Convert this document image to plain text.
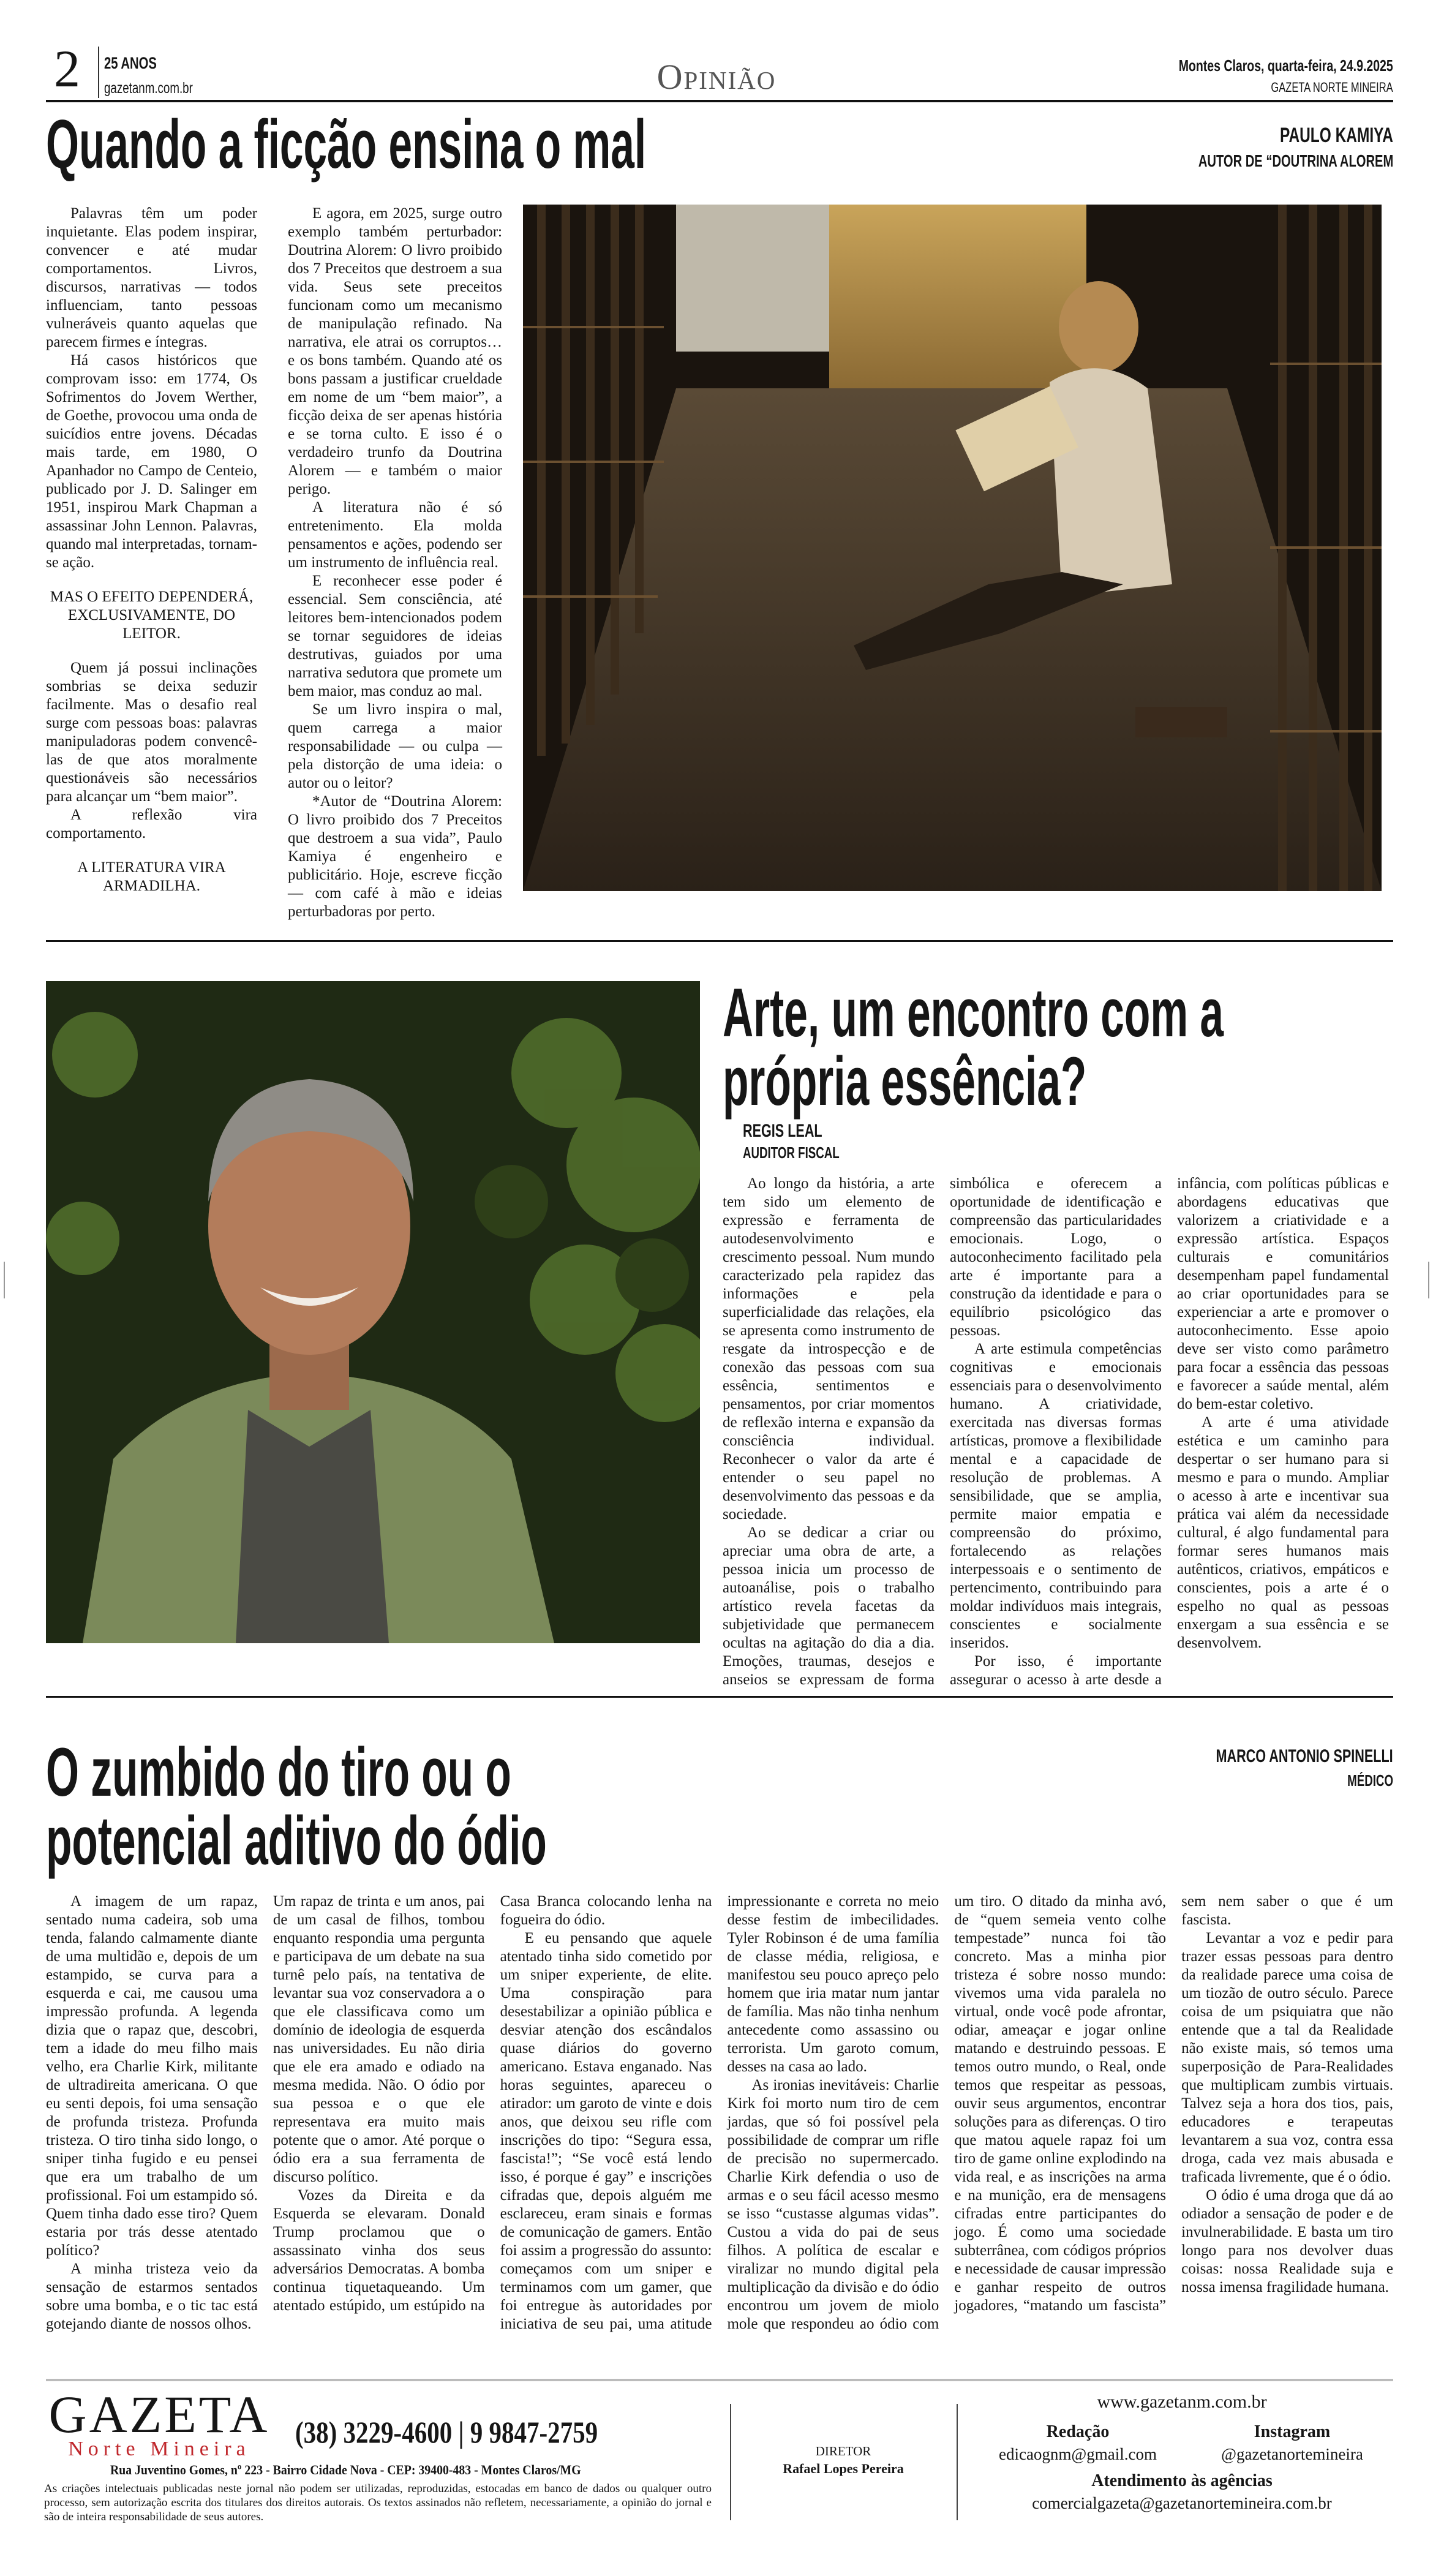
2 25 ANOS
gazetanm.com.br	Opinião	Montes Claros, quarta-feira, 24.9.2025
GAZETA NORTE MINEIRA
Quando a ficção ensina o mal	PAULO KAMIYA
AUTOR DE “DOUTRINA ALOREM

Palavras têm um poder inquietante. Elas podem inspirar, convencer e até mudar comportamentos. Livros, discursos, narrativas — todos influenciam, tanto pessoas vulneráveis quanto aquelas que parecem firmes e íntegras.

Há casos históricos que comprovam isso: em 1774, Os Sofrimentos do Jovem Werther, de Goethe, provocou uma onda de suicídios entre jovens. Décadas mais tarde, em 1980, O Apanhador no Campo de Centeio, publicado por J. D. Salinger em 1951, inspirou Mark Chapman a assassinar John Lennon. Palavras, quando mal interpretadas, tornam-se ação.

MAS O EFEITO DEPENDERÁ, EXCLUSIVAMENTE, DO LEITOR.

Quem já possui inclinações sombrias se deixa seduzir facilmente. Mas o desafio real surge com pessoas boas: palavras manipuladoras podem convencê-las de que atos moralmente questionáveis são necessários para alcançar um “bem maior”.

A reflexão vira comportamento.

A LITERATURA VIRA ARMADILHA.

E agora, em 2025, surge outro exemplo também perturbador: Doutrina Alorem: O livro proibido dos 7 Preceitos que destroem a sua vida. Seus sete preceitos funcionam como um mecanismo de manipulação refinado. Na narrativa, ele atrai os corruptos… e os bons também. Quando até os bons passam a justificar crueldade em nome de um “bem maior”, a ficção deixa de ser apenas história e se torna culto. E isso é o verdadeiro trunfo da Doutrina Alorem — e também o maior perigo.

A literatura não é só entretenimento. Ela molda pensamentos e ações, podendo ser um instrumento de influência real.

E reconhecer esse poder é essencial. Sem consciência, até leitores bem-intencionados podem se tornar seguidores de ideias destrutivas, guiados por uma narrativa sedutora que promete um bem maior, mas conduz ao mal.

Se um livro inspira o mal, quem carrega a maior responsabilidade — ou culpa — pela distorção de uma ideia: o autor ou o leitor?

*Autor de “Doutrina Alorem: O livro proibido dos 7 Preceitos que destroem a sua vida”, Paulo Kamiya é engenheiro e publicitário. Hoje, escreve ficção — com café à mão e ideias perturbadoras por perto.

Arte, um encontro com a
própria essência?
REGIS LEAL
AUDITOR FISCAL

Ao longo da história, a arte tem sido um elemento de expressão e ferramenta de autodesenvolvimento e crescimento pessoal. Num mundo caracterizado pela rapidez das informações e pela superficialidade das relações, ela se apresenta como instrumento de resgate da introspecção e de conexão das pessoas com sua essência, sentimentos e pensamentos, por criar momentos de reflexão interna e expansão da consciência individual. Reconhecer o valor da arte é entender o seu papel no desenvolvimento das pessoas e da sociedade.

Ao se dedicar a criar ou apreciar uma obra de arte, a pessoa inicia um processo de autoanálise, pois o trabalho artístico revela facetas da subjetividade que permanecem ocultas na agitação do dia a dia. Emoções, traumas, desejos e anseios se expressam de forma simbólica e oferecem a oportunidade de identificação e compreensão das particularidades emocionais. Logo, o autoconhecimento facilitado pela arte é importante para a construção da identidade e para o equilíbrio psicológico das pessoas.

A arte estimula competências cognitivas e emocionais essenciais para o desenvolvimento humano. A criatividade, exercitada nas diversas formas artísticas, promove a flexibilidade mental e a capacidade de resolução de problemas. A sensibilidade, que se amplia, permite maior empatia e compreensão do próximo, fortalecendo as relações interpessoais e o sentimento de pertencimento, contribuindo para moldar indivíduos mais integrais, conscientes e socialmente inseridos.

Por isso, é importante assegurar o acesso à arte desde a infância, com políticas públicas e abordagens educativas que valorizem a criatividade e a expressão artística. Espaços culturais e comunitários desempenham papel fundamental ao criar oportunidades para se experienciar a arte e promover o autoconhecimento. Esse apoio deve ser visto como parâmetro para focar a essência das pessoas e favorecer a saúde mental, além do bem-estar coletivo.

A arte é uma atividade estética e um caminho para despertar o ser humano para si mesmo e para o mundo. Ampliar o acesso à arte e incentivar sua prática vai além da necessidade cultural, é algo fundamental para formar seres humanos mais autênticos, criativos, empáticos e conscientes, pois a arte é o espelho no qual as pessoas enxergam a sua essência e se desenvolvem.

O zumbido do tiro ou o
potencial aditivo do ódio
MARCO ANTONIO SPINELLI
MÉDICO

A imagem de um rapaz, sentado numa cadeira, sob uma tenda, falando calmamente diante de uma multidão e, depois de um estampido, se curva para a esquerda e cai, me causou uma impressão profunda. A legenda dizia que o rapaz que, descobri, tem a idade do meu filho mais velho, era Charlie Kirk, militante de ultradireita americana. O que eu senti depois, foi uma sensação de profunda tristeza. Profunda tristeza. O tiro tinha sido longo, o sniper tinha fugido e eu pensei que era um trabalho de um profissional. Foi um estampido só. Quem tinha dado esse tiro? Quem estaria por trás desse atentado político?

A minha tristeza veio da sensação de estarmos sentados sobre uma bomba, e o tic tac está gotejando diante de nossos olhos.

Um rapaz de trinta e um anos, pai de um casal de filhos, tombou enquanto respondia uma pergunta e participava de um debate na sua turnê pelo país, na tentativa de levantar sua voz conservadora a o que ele classificava como um domínio de ideologia de esquerda nas universidades. Eu não diria que ele era amado e odiado na mesma medida. Não. O ódio por sua pessoa e o que ele representava era muito mais potente que o amor. Até porque o ódio era a sua ferramenta de discurso político.

Vozes da Direita e da Esquerda se elevaram. Donald Trump proclamou que o assassinato vinha dos seus adversários Democratas. A bomba continua tiquetaqueando. Um atentado estúpido, um estúpido na Casa Branca colocando lenha na fogueira do ódio.

E eu pensando que aquele atentado tinha sido cometido por um sniper experiente, de elite. Uma conspiração para desestabilizar a opinião pública e desviar atenção dos escândalos quase diários do governo americano. Estava enganado. Nas horas seguintes, apareceu o atirador: um garoto de vinte e dois anos, que deixou seu rifle com inscrições do tipo: “Segura essa, fascista!”; “Se você está lendo isso, é porque é gay” e inscrições cifradas que, depois alguém me esclareceu, eram sinais e formas de comunicação de gamers. Então foi assim a progressão do assunto: começamos com um sniper e terminamos com um gamer, que foi entregue às autoridades por iniciativa de seu pai, uma atitude impressionante e correta no meio desse festim de imbecilidades. Tyler Robinson é de uma família de classe média, religiosa, e manifestou seu pouco apreço pelo homem que iria matar num jantar de família. Mas não tinha nenhum antecedente como assassino ou terrorista. Um garoto comum, desses na casa ao lado.

As ironias inevitáveis: Charlie Kirk foi morto num tiro de cem jardas, que só foi possível pela possibilidade de comprar um rifle de precisão no supermercado. Charlie Kirk defendia o uso de armas e o seu fácil acesso mesmo se isso “custasse algumas vidas”. Custou a vida do pai de seus filhos. A política de escalar e viralizar no mundo digital pela multiplicação da divisão e do ódio encontrou um jovem de miolo mole que respondeu ao ódio com um tiro. O ditado da minha avó, de “quem semeia vento colhe tempestade” nunca foi tão concreto. Mas a minha pior tristeza é sobre nosso mundo: vivemos uma vida paralela no virtual, onde você pode afrontar, odiar, ameaçar e jogar online matando e destruindo pessoas. E temos outro mundo, o Real, onde temos que respeitar as pessoas, ouvir seus argumentos, encontrar soluções para as diferenças. O tiro que matou aquele rapaz foi um tiro de game online explodindo na vida real, e as inscrições na arma e na munição, era de mensagens cifradas entre participantes do jogo. É como uma sociedade subterrânea, com códigos próprios e necessidade de causar impressão e ganhar respeito de outros jogadores, “matando um fascista” sem nem saber o que é um fascista.

Levantar a voz e pedir para trazer essas pessoas para dentro da realidade parece uma coisa de um tiozão de outro século. Parece coisa de um psiquiatra que não entende que a tal da Realidade não existe mais, só temos uma superposição de Para-Realidades que multiplicam zumbis virtuais. Talvez seja a hora dos tios, pais, educadores e terapeutas levantarem a sua voz, contra essa droga, cada vez mais abusada e traficada livremente, que é o ódio.

O ódio é uma droga que dá ao odiador a sensação de poder e de invulnerabilidade. E basta um tiro longo para nos devolver duas coisas: nossa Realidade suja e nossa imensa fragilidade humana.

GAZETA
Norte Mineira	(38) 3229-4600 | 9 9847-2759
Rua Juventino Gomes, nº 223 - Bairro Cidade Nova - CEP: 39400-483 - Montes Claros/MG
As criações intelectuais publicadas neste jornal não podem ser utilizadas, reproduzidas, estocadas em banco de dados ou qualquer outro processo, sem autorização escrita dos titulares dos direitos autorais. Os textos assinados não refletem, necessariamente, a opinião do jornal e são de inteira responsabilidade de seus autores.
DIRETOR
Rafael Lopes Pereira
www.gazetanm.com.br
Redação
edicaognm@gmail.com
Instagram
@gazetanortemineira
Atendimento às agências
comercialgazeta@gazetanortemineira.com.br
